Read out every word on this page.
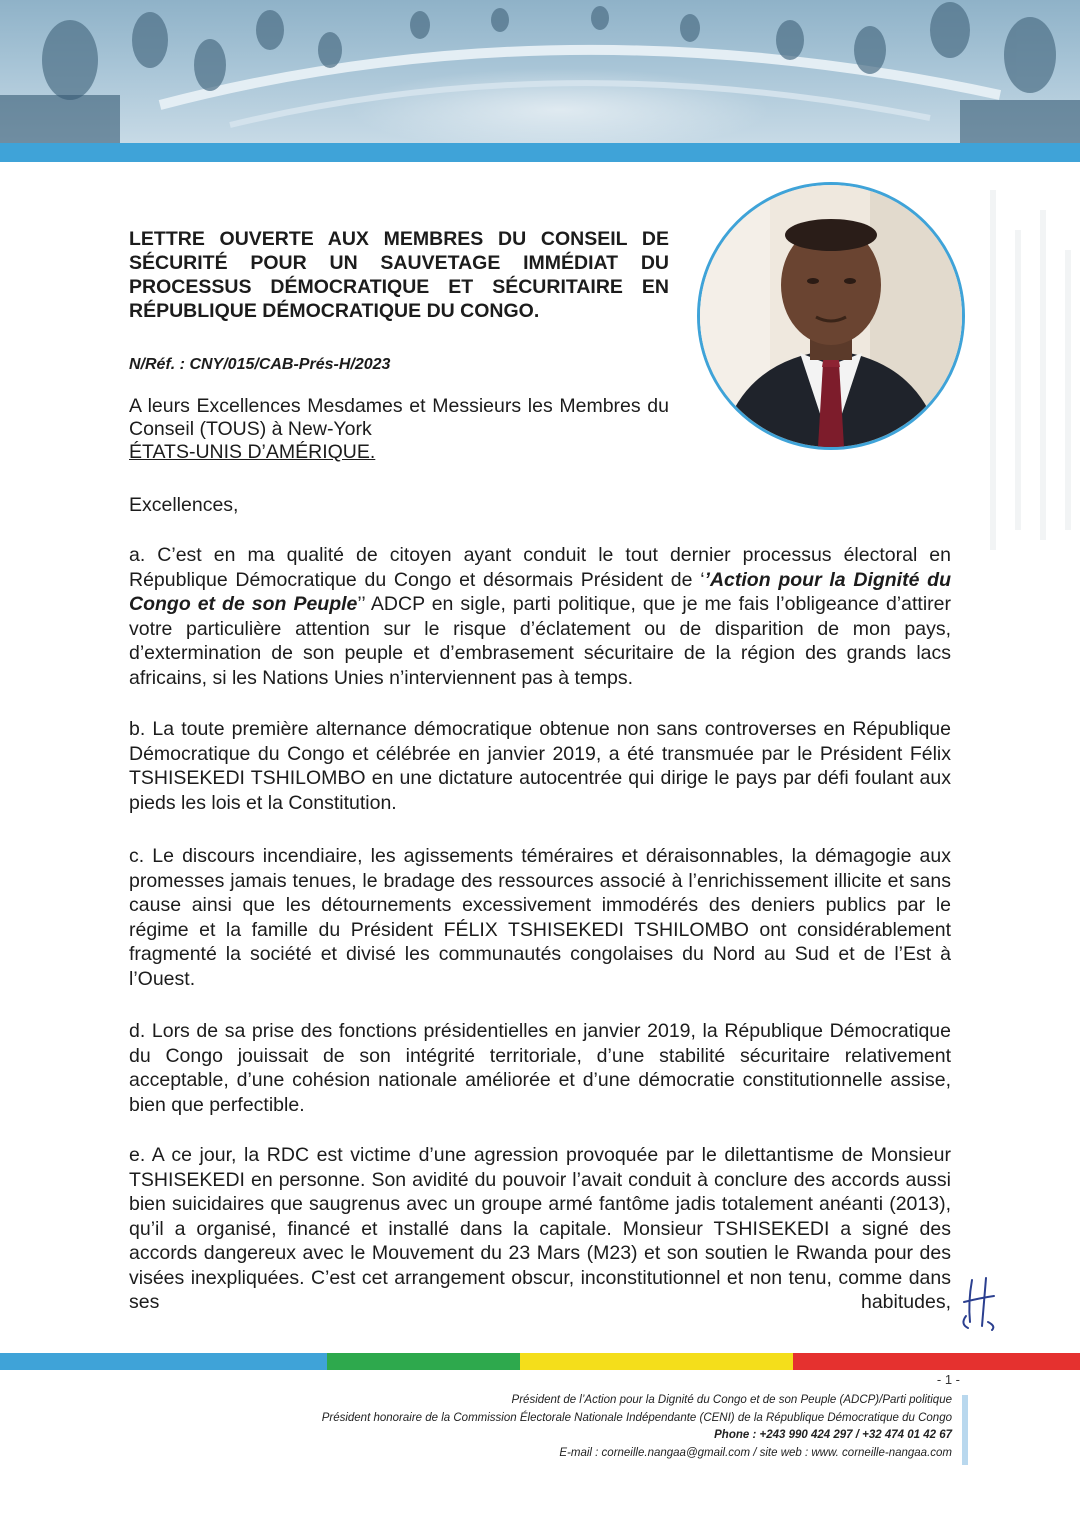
LETTRE OUVERTE AUX MEMBRES DU CONSEIL DE SÉCURITÉ POUR UN SAUVETAGE IMMÉDIAT DU PROCESSUS DÉMOCRATIQUE ET SÉCURITAIRE EN RÉPUBLIQUE DÉMOCRATIQUE DU CONGO.

N/Réf. : CNY/015/CAB-Prés-H/2023

A leurs Excellences Mesdames et Messieurs les Membres du Conseil (TOUS) à New-York
ÉTATS-UNIS D’AMÉRIQUE.

Excellences,

a. C’est en ma qualité de citoyen ayant conduit le tout dernier processus électoral en République Démocratique du Congo et désormais Président de ‘’Action pour la Dignité du Congo et de son Peuple’’ ADCP en sigle, parti politique, que je me fais l’obligeance d’attirer votre particulière attention sur le risque d’éclatement ou de disparition de mon pays, d’extermination de son peuple et d’embrasement sécuritaire de la région des grands lacs africains, si les Nations Unies n’interviennent pas à temps.

b. La toute première alternance démocratique obtenue non sans controverses en République Démocratique du Congo et célébrée en janvier 2019, a été transmuée par le Président Félix TSHISEKEDI TSHILOMBO en une dictature autocentrée qui dirige le pays par défi foulant aux pieds les lois et la Constitution.

c. Le discours incendiaire, les agissements téméraires et déraisonnables, la démagogie aux promesses jamais tenues, le bradage des ressources associé à l’enrichissement illicite et sans cause ainsi que les détournements excessivement immodérés des deniers publics par le régime et la famille du Président FÉLIX TSHISEKEDI TSHILOMBO ont considérablement fragmenté la société et divisé les communautés congolaises du Nord au Sud et de l’Est à l’Ouest.

d. Lors de sa prise des fonctions présidentielles en janvier 2019, la République Démocratique du Congo jouissait de son intégrité territoriale, d’une stabilité sécuritaire relativement acceptable, d’une cohésion nationale améliorée et d’une démocratie constitutionnelle assise, bien que perfectible.

e. A ce jour, la RDC est victime d’une agression provoquée par le dilettantisme de Monsieur TSHISEKEDI en personne. Son avidité du pouvoir l’avait conduit à conclure des accords aussi bien suicidaires que saugrenus avec un groupe armé fantôme jadis totalement anéanti (2013), qu’il a organisé, financé et installé dans la capitale. Monsieur TSHISEKEDI a signé des accords dangereux avec le Mouvement du 23 Mars (M23) et son soutien le Rwanda pour des visées inexpliquées. C’est cet arrangement obscur, inconstitutionnel et non tenu, comme dans ses habitudes,

- 1 -

Président de l’Action pour la Dignité du Congo et de son Peuple (ADCP)/Parti politique
Président honoraire de la Commission Électorale Nationale Indépendante (CENI) de la République Démocratique du Congo
Phone : +243 990 424 297 / +32 474 01 42 67
E-mail : corneille.nangaa@gmail.com / site web : www. corneille-nangaa.com
